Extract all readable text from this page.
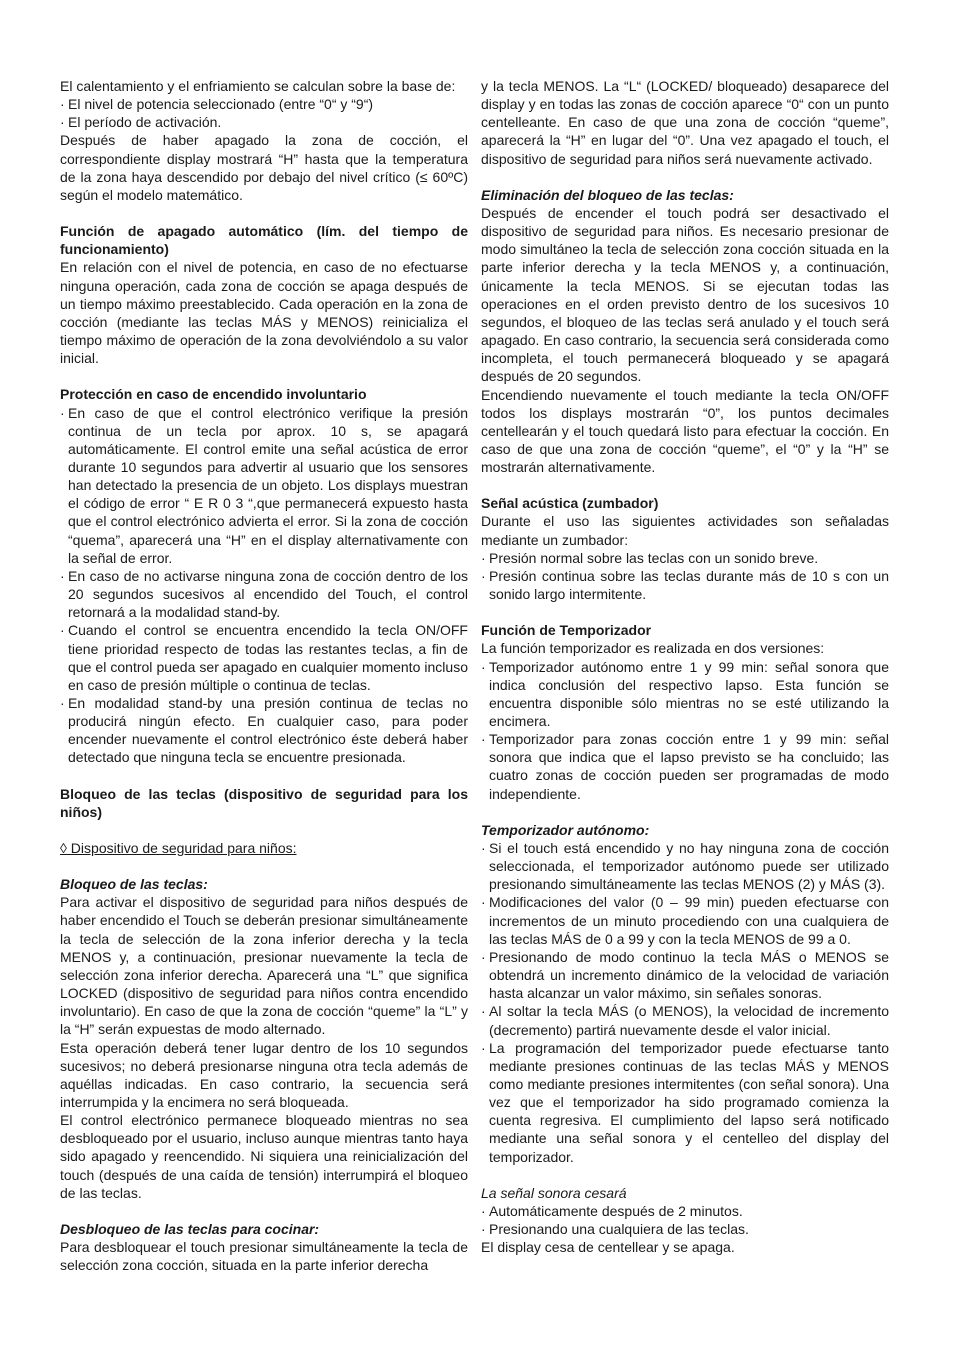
El calentamiento y el enfriamiento se calculan sobre la base de:

· El nivel de potencia seleccionado (entre “0“ y “9“)
· El período de activación.

Después de haber apagado la zona de cocción, el correspondiente display mostrará “H” hasta que la temperatura de la zona haya descendido por debajo del nivel crítico (≤ 60ºC) según el modelo matemático.

Función de apagado automático (lím. del tiempo de funcionamiento)

En relación con el nivel de potencia, en caso de no efectuarse ninguna operación, cada zona de cocción se apaga después de un tiempo máximo preestablecido. Cada operación en la zona de cocción (mediante las teclas MÁS y MENOS) reinicializa el tiempo máximo de operación de la zona devolviéndolo a su valor inicial.

Protección en caso de encendido involuntario

· En caso de que el control electrónico verifique la presión continua de un tecla por aprox. 10 s, se apagará automáticamente. El control emite una señal acústica de error durante 10 segundos para advertir al usuario que los sensores han detectado la presencia de un objeto. Los displays muestran el código de error “ E R 0 3 “,que permanecerá expuesto hasta que el control electrónico advierta el error. Si la zona de cocción “quema”, aparecerá una “H” en el display alternativamente con la señal de error.
· En caso de no activarse ninguna zona de cocción dentro de los 20 segundos sucesivos al encendido del Touch, el control retornará a la modalidad stand-by.
· Cuando el control se encuentra encendido la tecla ON/OFF tiene prioridad respecto de todas las restantes teclas, a fin de que el control pueda ser apagado en cualquier momento incluso en caso de presión múltiple o continua de teclas.
· En modalidad stand-by una presión continua de teclas no producirá ningún efecto. En cualquier caso, para poder encender nuevamente el control electrónico éste deberá haber detectado que ninguna tecla se encuentre presionada.

Bloqueo de las teclas (dispositivo de seguridad para los niños)

◊ Dispositivo de seguridad para niños:

Bloqueo de las teclas:

Para activar el dispositivo de seguridad para niños después de haber encendido el Touch se deberán presionar simultáneamente la tecla de selección de la zona inferior derecha y la tecla MENOS y, a continuación, presionar nuevamente la tecla de selección zona inferior derecha. Aparecerá una “L” que significa LOCKED (dispositivo de seguridad para niños contra encendido involuntario). En caso de que la zona de cocción “queme” la “L” y la “H” serán expuestas de modo alternado.

Esta operación deberá tener lugar dentro de los 10 segundos sucesivos; no deberá presionarse ninguna otra tecla además de aquéllas indicadas. En caso contrario, la secuencia será interrumpida y la encimera no será bloqueada.

El control electrónico permanece bloqueado mientras no sea desbloqueado por el usuario, incluso aunque mientras tanto haya sido apagado y reencendido. Ni siquiera una reinicialización del touch (después de una caída de tensión) interrumpirá el bloqueo de las teclas.

Desbloqueo de las teclas para cocinar:

Para desbloquear el touch presionar simultáneamente la tecla de selección zona cocción, situada en la parte inferior derecha

y la tecla MENOS. La “L“ (LOCKED/ bloqueado) desaparece del display y en todas las zonas de cocción aparece “0“ con un punto centelleante. En caso de que una zona de cocción “queme”, aparecerá la “H” en lugar del “0”. Una vez apagado el touch, el dispositivo de seguridad para niños será nuevamente activado.

Eliminación del bloqueo de las teclas:

Después de encender el touch podrá ser desactivado el dispositivo de seguridad para niños. Es necesario presionar de modo simultáneo la tecla de selección zona cocción situada en la parte inferior derecha y la tecla MENOS y, a continuación, únicamente la tecla MENOS. Si se ejecutan todas las operaciones en el orden previsto dentro de los sucesivos 10 segundos, el bloqueo de las teclas será anulado y el touch será apagado. En caso contrario, la secuencia será considerada como incompleta, el touch permanecerá bloqueado y se apagará después de 20 segundos.

Encendiendo nuevamente el touch mediante la tecla ON/OFF todos los displays mostrarán “0”, los puntos decimales centellearán y el touch quedará listo para efectuar la cocción. En caso de que una zona de cocción “queme”, el “0” y la “H” se mostrarán alternativamente.

Señal acústica (zumbador)

Durante el uso las siguientes actividades son señaladas mediante un zumbador:

· Presión normal sobre las teclas con un sonido breve.
· Presión continua sobre las teclas durante más de 10 s con un sonido largo intermitente.

Función de Temporizador

La función temporizador es realizada en dos versiones:

· Temporizador autónomo entre 1 y 99 min: señal sonora que indica conclusión del respectivo lapso. Esta función se encuentra disponible sólo mientras no se esté utilizando la encimera.
· Temporizador para zonas cocción entre 1 y 99 min: señal sonora que indica que el lapso previsto se ha concluido; las cuatro zonas de cocción pueden ser programadas de modo independiente.

Temporizador autónomo:

· Si el touch está encendido y no hay ninguna zona de cocción seleccionada, el temporizador autónomo puede ser utilizado presionando simultáneamente las teclas MENOS (2) y MÁS (3).
· Modificaciones del valor (0 – 99 min) pueden efectuarse con incrementos de un minuto procediendo con una cualquiera de las teclas MÁS de 0 a 99 y con la tecla MENOS de 99 a 0.
· Presionando de modo continuo la tecla MÁS o MENOS se obtendrá un incremento dinámico de la velocidad de variación hasta alcanzar un valor máximo, sin señales sonoras.
· Al soltar la tecla MÁS (o MENOS), la velocidad de incremento (decremento) partirá nuevamente desde el valor inicial.
· La programación del temporizador puede efectuarse tanto mediante presiones continuas de las teclas MÁS y MENOS como mediante presiones intermitentes (con señal sonora). Una vez que el temporizador ha sido programado comienza la cuenta regresiva. El cumplimiento del lapso será notificado mediante una señal sonora y el centelleo del display del temporizador.

La señal sonora cesará

· Automáticamente después de 2 minutos.
· Presionando una cualquiera de las teclas.

El display cesa de centellear y se apaga.
